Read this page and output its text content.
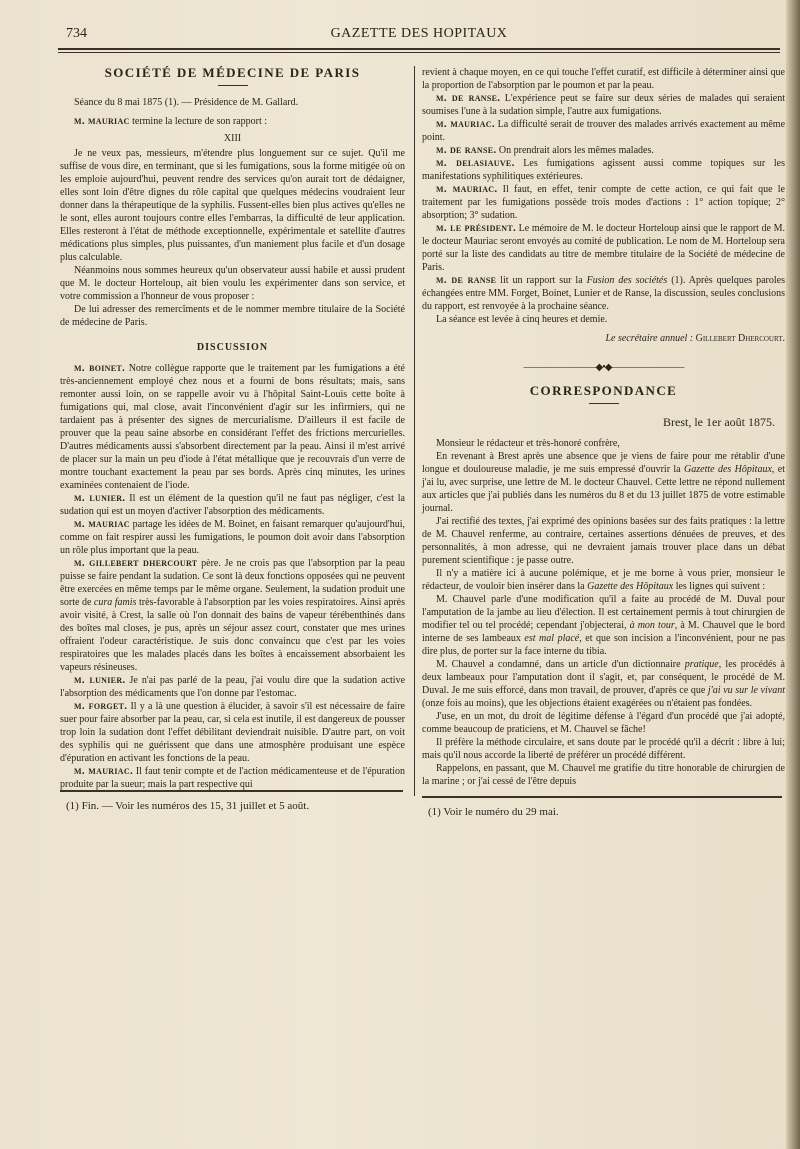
734	GAZETTE DES HOPITAUX
SOCIÉTÉ DE MÉDECINE DE PARIS

Séance du 8 mai 1875 (1). — Présidence de M. Gallard.

m. mauriac termine la lecture de son rapport :

XIII

Je ne veux pas, messieurs, m'étendre plus longuement sur ce sujet. Qu'il me suffise de vous dire, en terminant, que si les fumigations, sous la forme mitigée où on les emploie aujourd'hui, peuvent rendre des services qu'on aurait tort de dédaigner, elles sont loin d'être dignes du rôle capital que quelques médecins voudraient leur donner dans la thérapeutique de la syphilis. Fussent-elles bien plus actives qu'elles ne le sont, elles auront toujours contre elles l'embarras, la difficulté de leur application. Elles resteront à l'état de méthode exceptionnelle, expérimentale et satellite d'autres médications plus simples, plus puissantes, d'un maniement plus facile et d'un dosage plus calculable.

Néanmoins nous sommes heureux qu'un observateur aussi habile et aussi prudent que M. le docteur Horteloup, ait bien voulu les expérimenter dans son service, et votre commission a l'honneur de vous proposer :

De lui adresser des remercîments et de le nommer membre titulaire de la Société de médecine de Paris.

DISCUSSION

m. boinet. Notre collègue rapporte que le traitement par les fumigations a été très-anciennement employé chez nous et a fourni de bons résultats; mais, sans remonter aussi loin, on se rappelle avoir vu à l'hôpital Saint-Louis cette boîte à fumigations qui, mal close, avait l'inconvénient d'agir sur les infirmiers, qui ne tardaient pas à présenter des signes de mercurialisme. D'ailleurs il est facile de prouver que la peau saine absorbe en considérant l'effet des frictions mercurielles. D'autres médicaments aussi s'absorbent directement par la peau. Ainsi il m'est arrivé de placer sur la main un peu d'iode à l'état métallique que je recouvrais d'un verre de montre touchant exactement la peau par ses bords. Après cinq minutes, les urines examinées contenaient de l'iode.

m. lunier. Il est un élément de la question qu'il ne faut pas négliger, c'est la sudation qui est un moyen d'activer l'absorption des médicaments.

m. mauriac partage les idées de M. Boinet, en faisant remarquer qu'aujourd'hui, comme on fait respirer aussi les fumigations, le poumon doit avoir dans l'absorption un rôle plus important que la peau.

m. gillebert dhercourt père. Je ne crois pas que l'absorption par la peau puisse se faire pendant la sudation. Ce sont là deux fonctions opposées qui ne peuvent être exercées en même temps par le même organe. Seulement, la sudation produit une sorte de cura famis très-favorable à l'absorption par les voies respiratoires. Ainsi après avoir visité, à Crest, la salle où l'on donnait des bains de vapeur térébenthinés dans des boîtes mal closes, je pus, après un séjour assez court, constater que mes urines offraient l'odeur caractéristique. Je suis donc convaincu que c'est par les voies respiratoires que les malades placés dans les boîtes à encaissement absorbaient les vapeurs résineuses.

m. lunier. Je n'ai pas parlé de la peau, j'ai voulu dire que la sudation active l'absorption des médicaments que l'on donne par l'estomac.

m. forget. Il y a là une question à élucider, à savoir s'il est nécessaire de faire suer pour faire absorber par la peau, car, si cela est inutile, il est dangereux de pousser trop loin la sudation dont l'effet débilitant deviendrait nuisible. D'autre part, on voit des syphilis qui ne guérissent que dans une atmosphère produisant une espèce d'épuration en activant les fonctions de la peau.

m. mauriac. Il faut tenir compte et de l'action médicamenteuse et de l'épuration produite par la sueur; mais la part respective qui

revient à chaque moyen, en ce qui touche l'effet curatif, est difficile à déterminer ainsi que la proportion de l'absorption par le poumon et par la peau.

m. de ranse. L'expérience peut se faire sur deux séries de malades qui seraient soumises l'une à la sudation simple, l'autre aux fumigations.

m. mauriac. La difficulté serait de trouver des malades arrivés exactement au même point.

m. de ranse. On prendrait alors les mêmes malades.

m. delasiauve. Les fumigations agissent aussi comme topiques sur les manifestations syphilitiques extérieures.

m. mauriac. Il faut, en effet, tenir compte de cette action, ce qui fait que le traitement par les fumigations possède trois modes d'actions : 1° action topique; 2° absorption; 3° sudation.

m. le président. Le mémoire de M. le docteur Horteloup ainsi que le rapport de M. le docteur Mauriac seront envoyés au comité de publication. Le nom de M. Horteloup sera porté sur la liste des candidats au titre de membre titulaire de la Société de médecine de Paris.

m. de ranse lit un rapport sur la Fusion des sociétés (1). Après quelques paroles échangées entre MM. Forget, Boinet, Lunier et de Ranse, la discussion, seules conclusions du rapport, est renvoyée à la prochaine séance.

La séance est levée à cinq heures et demie.

Le secrétaire annuel : Gillebert Dhercourt.
————————◆•◆————————
CORRESPONDANCE
Brest, le 1er août 1875.

Monsieur le rédacteur et très-honoré confrère,

En revenant à Brest après une absence que je viens de faire pour me rétablir d'une longue et douloureuse maladie, je me suis empressé d'ouvrir la Gazette des Hôpitaux, et j'ai lu, avec surprise, une lettre de M. le docteur Chauvel. Cette lettre ne répond nullement aux articles que j'ai publiés dans les numéros du 8 et du 13 juillet 1875 de votre estimable journal.

J'ai rectifié des textes, j'ai exprimé des opinions basées sur des faits pratiques : la lettre de M. Chauvel renferme, au contraire, certaines assertions dénuées de preuves, et des personnalités, à mon adresse, qui ne devraient jamais trouver place dans un débat purement scientifique : je passe outre.

Il n'y a matière ici à aucune polémique, et je me borne à vous prier, monsieur le rédacteur, de vouloir bien insérer dans la Gazette des Hôpitaux les lignes qui suivent :

M. Chauvel parle d'une modification qu'il a faite au procédé de M. Duval pour l'amputation de la jambe au lieu d'élection. Il est certainement permis à tout chirurgien de modifier tel ou tel procédé; cependant j'objecterai, à mon tour, à M. Chauvel que le bord interne de ses lambeaux est mal placé, et que son incision a l'inconvénient, pour ne pas dire plus, de porter sur la face interne du tibia.

M. Chauvel a condamné, dans un article d'un dictionnaire pratique, les procédés à deux lambeaux pour l'amputation dont il s'agit, et, par conséquent, le procédé de M. Duval. Je me suis efforcé, dans mon travail, de prouver, d'après ce que j'ai vu sur le vivant (onze fois au moins), que les objections étaient exagérées ou n'étaient pas fondées.

J'use, en un mot, du droit de légitime défense à l'égard d'un procédé que j'ai adopté, comme beaucoup de praticiens, et M. Chauvel se fâche!

Il préfère la méthode circulaire, et sans doute par le procédé qu'il a décrit : libre à lui; mais qu'il nous accorde la liberté de préférer un procédé différent.

Rappelons, en passant, que M. Chauvel me gratifie du titre honorable de chirurgien de la marine ; or j'ai cessé de l'être depuis

(1) Fin. — Voir les numéros des 15, 31 juillet et 5 août.	(1) Voir le numéro du 29 mai.
